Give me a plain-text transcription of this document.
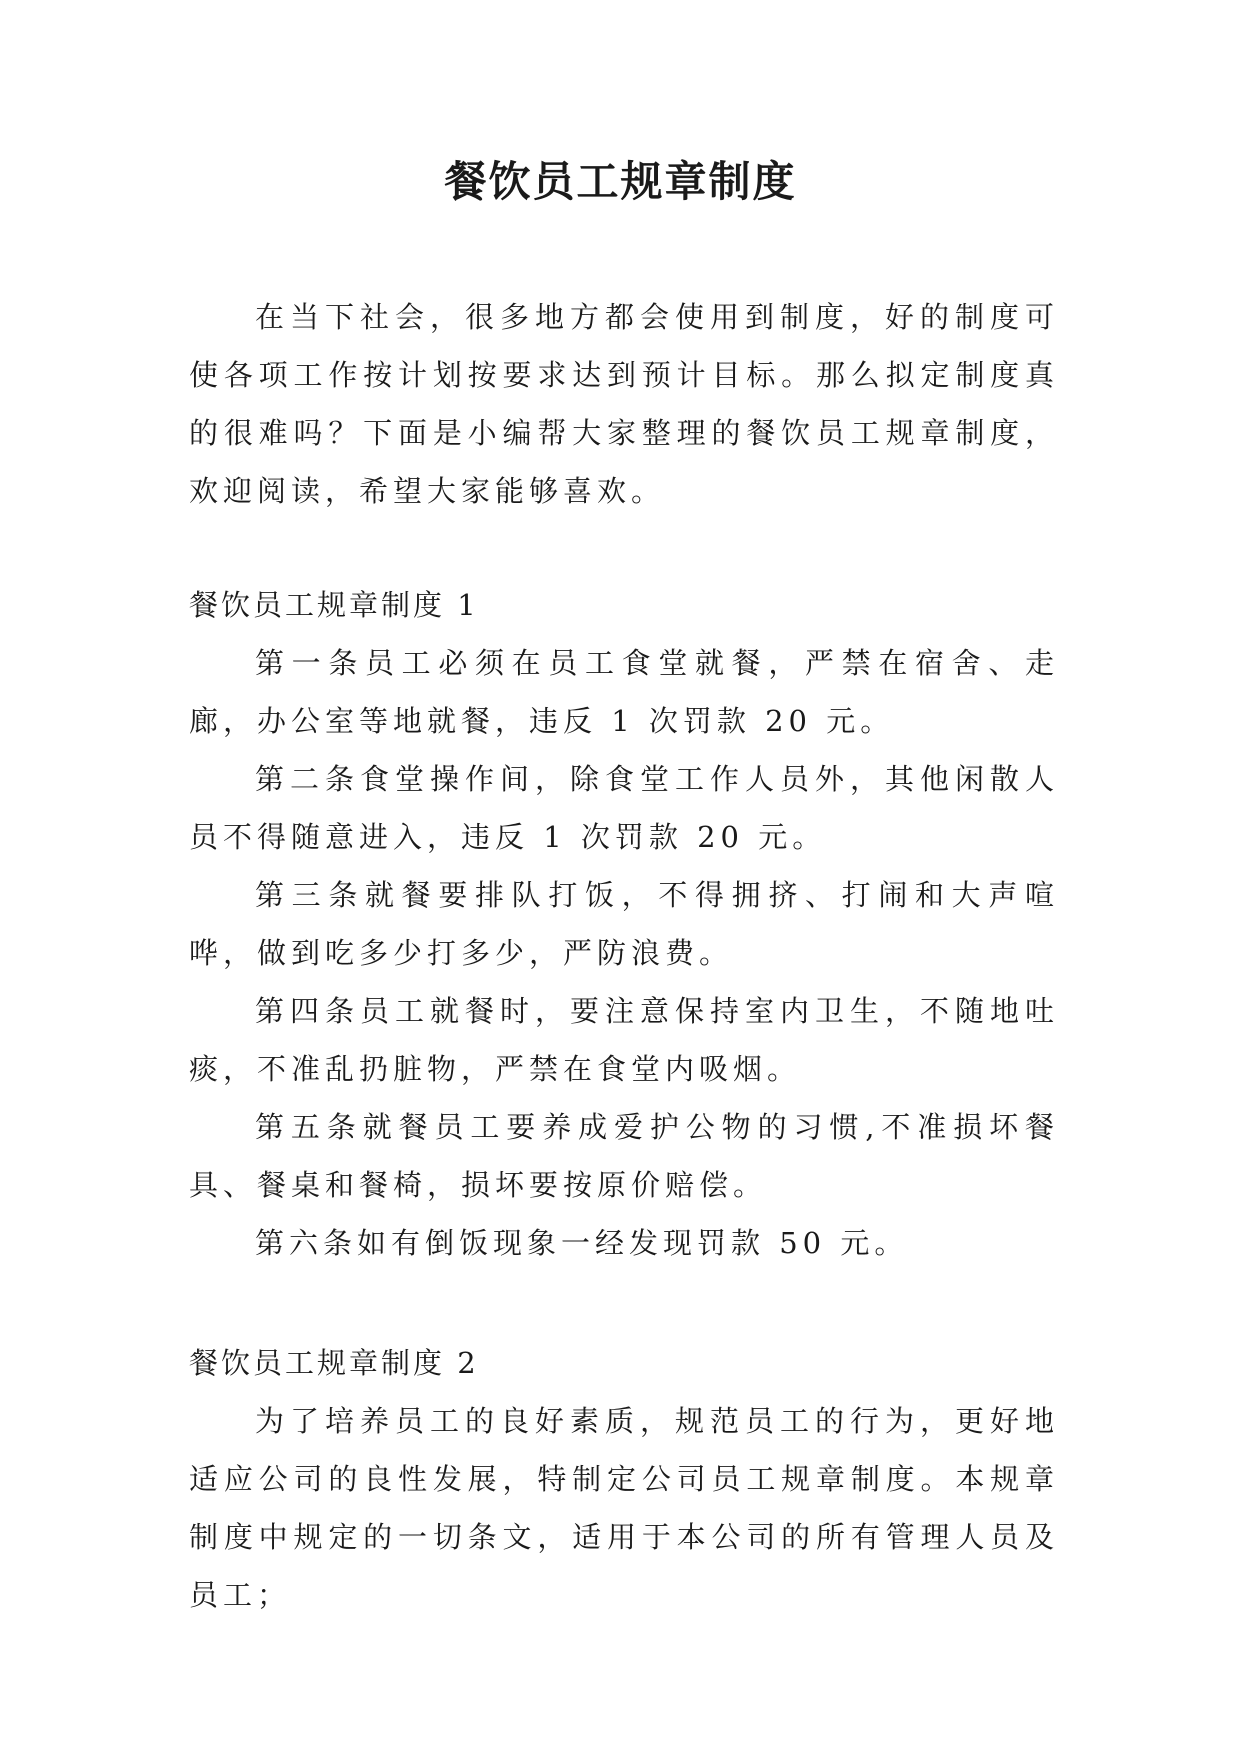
餐饮员工规章制度

在当下社会，很多地方都会使用到制度，好的制度可使各项工作按计划按要求达到预计目标。那么拟定制度真的很难吗？下面是小编帮大家整理的餐饮员工规章制度，欢迎阅读，希望大家能够喜欢。

餐饮员工规章制度 1

第一条员工必须在员工食堂就餐，严禁在宿舍、走廊，办公室等地就餐，违反 1 次罚款 20 元。

第二条食堂操作间，除食堂工作人员外，其他闲散人员不得随意进入，违反 1 次罚款 20 元。

第三条就餐要排队打饭，不得拥挤、打闹和大声喧哗，做到吃多少打多少，严防浪费。

第四条员工就餐时，要注意保持室内卫生，不随地吐痰，不准乱扔脏物，严禁在食堂内吸烟。

第五条就餐员工要养成爱护公物的习惯,不准损坏餐具、餐桌和餐椅，损坏要按原价赔偿。

第六条如有倒饭现象一经发现罚款 50 元。

餐饮员工规章制度 2

为了培养员工的良好素质，规范员工的行为，更好地适应公司的良性发展，特制定公司员工规章制度。本规章制度中规定的一切条文，适用于本公司的所有管理人员及员工；
